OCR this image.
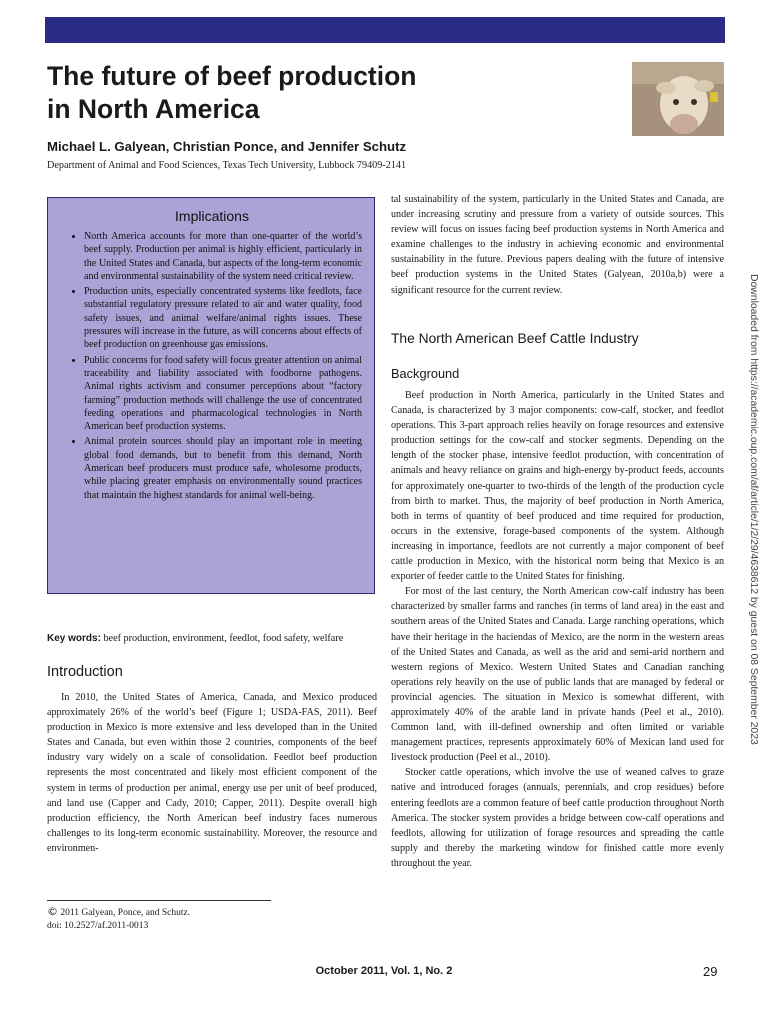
The future of beef production
in North America
Michael L. Galyean, Christian Ponce, and Jennifer Schutz
Department of Animal and Food Sciences, Texas Tech University, Lubbock 79409-2141
Implications
• North America accounts for more than one-quarter of the world’s beef supply. Production per animal is highly efficient, particularly in the United States and Canada, but aspects of the long-term economic and environmental sustainability of the system need critical review.
• Production units, especially concentrated systems like feedlots, face substantial regulatory pressure related to air and water quality, food safety issues, and animal welfare/animal rights issues. These pressures will increase in the future, as will concerns about effects of beef production on greenhouse gas emissions.
• Public concerns for food safety will focus greater attention on animal traceability and liability associated with foodborne pathogens. Animal rights activism and consumer perceptions about “factory farming” production methods will challenge the use of concentrated feeding operations and pharmacological technologies in North American beef production systems.
• Animal protein sources should play an important role in meeting global food demands, but to benefit from this demand, North American beef producers must produce safe, wholesome products, while placing greater emphasis on environmentally sound practices that maintain the highest standards for animal well-being.
Key words: beef production, environment, feedlot, food safety, welfare
Introduction

In 2010, the United States of America, Canada, and Mexico produced approximately 26% of the world’s beef (Figure 1; USDA-FAS, 2011). Beef production in Mexico is more extensive and less developed than in the United States and Canada, but even within those 2 countries, components of the beef industry vary widely on a scale of consolidation. Feedlot beef production represents the most concentrated and likely most efficient component of the system in terms of production per animal, energy use per unit of beef produced, and land use (Capper and Cady, 2010; Capper, 2011). Despite overall high production efficiency, the North American beef industry faces numerous challenges to its long-term economic sustainability. Moreover, the resource and environmen-

© 2011 Galyean, Ponce, and Schutz.
doi: 10.2527/af.2011-0013

tal sustainability of the system, particularly in the United States and Canada, are under increasing scrutiny and pressure from a variety of outside sources. This review will focus on issues facing beef production systems in North America and examine challenges to the industry in achieving economic and environmental sustainability in the future. Previous papers dealing with the future of intensive beef production systems in the United States (Galyean, 2010a,b) were a significant resource for the current review.

The North American Beef Cattle Industry
Background

Beef production in North America, particularly in the United States and Canada, is characterized by 3 major components: cow-calf, stocker, and feedlot operations. This 3-part approach relies heavily on forage resources and extensive production settings for the cow-calf and stocker segments. Depending on the length of the stocker phase, intensive feedlot production, with concentration of animals and heavy reliance on grains and high-energy by-product feeds, accounts for approximately one-quarter to two-thirds of the length of the production cycle from birth to market. Thus, the majority of beef production in North America, both in terms of quantity of beef produced and time required for production, occurs in the extensive, forage-based components of the system. Although increasing in importance, feedlots are not currently a major component of beef cattle production in Mexico, with the historical norm being that Mexico is an exporter of feeder cattle to the United States for finishing.

For most of the last century, the North American cow-calf industry has been characterized by smaller farms and ranches (in terms of land area) in the east and southern areas of the United States and Canada. Large ranching operations, which have their heritage in the haciendas of Mexico, are the norm in the western areas of the United States and Canada, as well as the arid and semi-arid northern and western regions of Mexico. Western United States and Canadian ranching operations rely heavily on the use of public lands that are managed by federal or provincial agencies. The situation in Mexico is somewhat different, with approximately 40% of the arable land in private hands (Peel et al., 2010). Common land, with ill-defined ownership and often limited or variable management practices, represents approximately 60% of Mexican land used for livestock production (Peel et al., 2010).

Stocker cattle operations, which involve the use of weaned calves to graze native and introduced forages (annuals, perennials, and crop residues) before entering feedlots are a common feature of beef cattle production throughout North America. The stocker system provides a bridge between cow-calf operations and feedlots, allowing for utilization of forage resources and spreading the cattle supply and thereby the marketing window for finished cattle more evenly throughout the year.

Downloaded from https://academic.oup.com/af/article/1/2/29/4638612 by guest on 08 September 2023
October 2011, Vol. 1, No. 2	29
